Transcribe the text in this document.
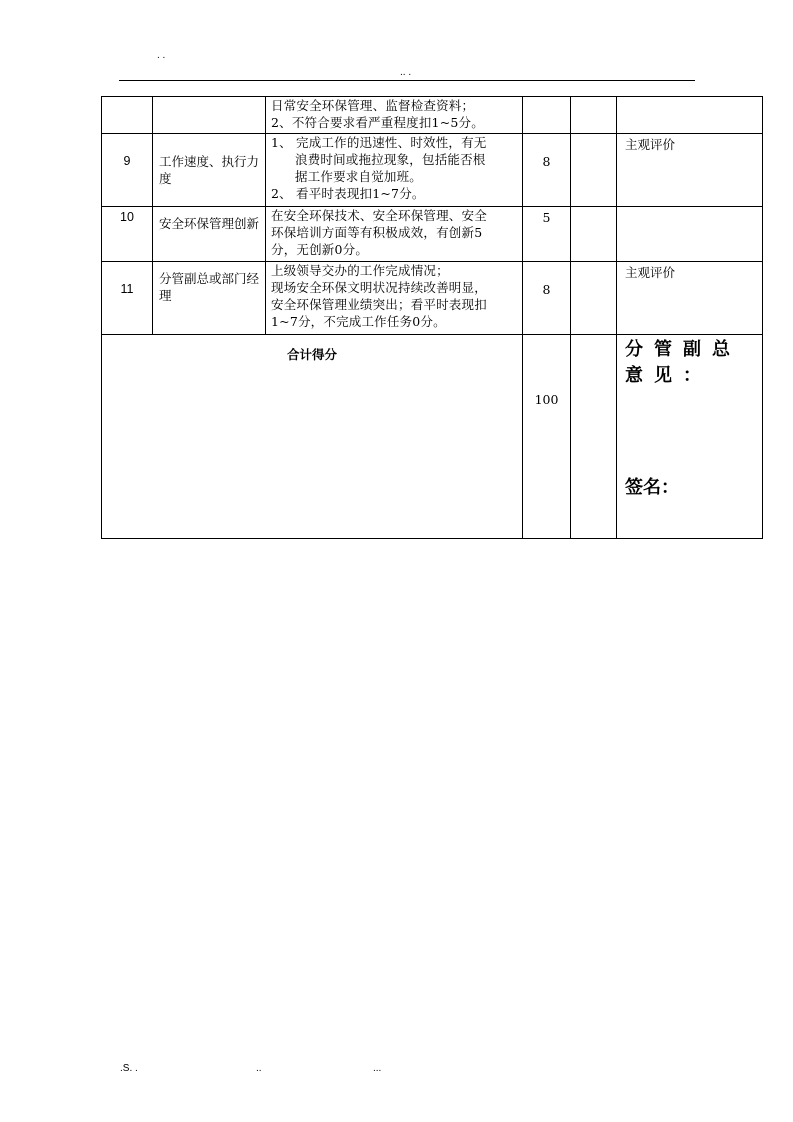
. .
.. .

		日常安全环保管理、监督检查资料；
2、不符合要求看严重程度扣1~5分。			

9	工作速度、执行力度	1、 完成工作的迅速性、时效性，有无
浪费时间或拖拉现象，包括能否根
据工作要求自觉加班。
2、 看平时表现扣1~7分。	8		主观评价
10	安全环保管理创新	在安全环保技术、安全环保管理、安全
环保培训方面等有积极成效，有创新5
分，无创新0分。	5		
11	分管副总或部门经理	上级领导交办的工作完成情况；
现场安全环保文明状况持续改善明显，
安全环保管理业绩突出；看平时表现扣
1~7分，不完成工作任务0分。	8		主观评价
合计得分			100		分管副总意见：
签名：
.S. .	..	...
